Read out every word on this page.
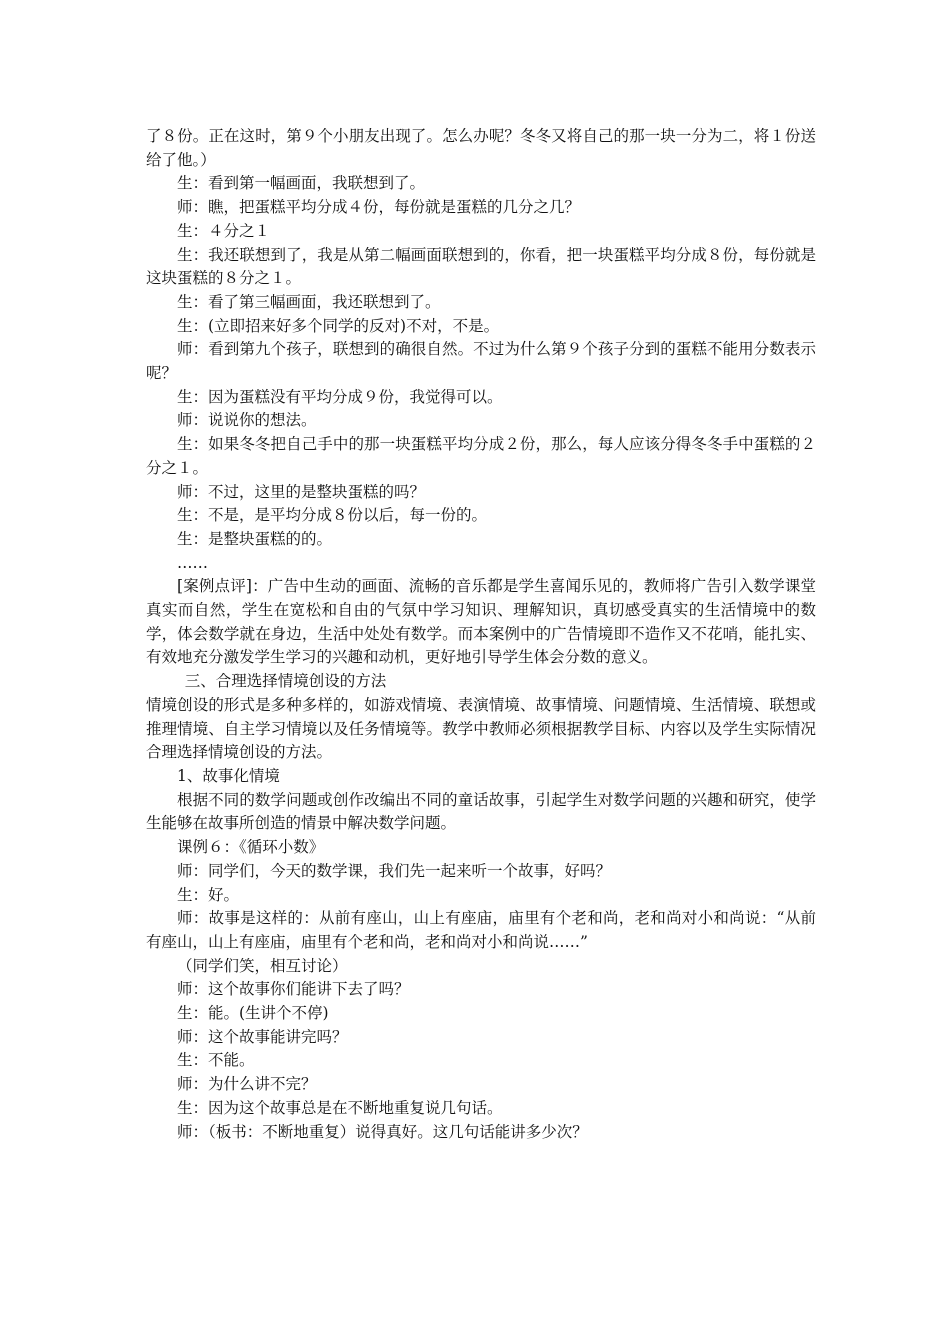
了８份。正在这时，第９个小朋友出现了。怎么办呢？冬冬又将自己的那一块一分为二，将１份送给了他。）

生：看到第一幅画面，我联想到了。

师：瞧，把蛋糕平均分成４份，每份就是蛋糕的几分之几？

生：４分之１

生：我还联想到了，我是从第二幅画面联想到的，你看，把一块蛋糕平均分成８份，每份就是这块蛋糕的８分之１。

生：看了第三幅画面，我还联想到了。

生：(立即招来好多个同学的反对)不对，不是。

师：看到第九个孩子，联想到的确很自然。不过为什么第９个孩子分到的蛋糕不能用分数表示呢？

生：因为蛋糕没有平均分成９份，我觉得可以。

师：说说你的想法。

生：如果冬冬把自己手中的那一块蛋糕平均分成２份，那么，每人应该分得冬冬手中蛋糕的２分之１。

师：不过，这里的是整块蛋糕的吗？

生：不是，是平均分成８份以后，每一份的。

生：是整块蛋糕的的。

……

[案例点评]：广告中生动的画面、流畅的音乐都是学生喜闻乐见的，教师将广告引入数学课堂真实而自然，学生在宽松和自由的气氛中学习知识、理解知识，真切感受真实的生活情境中的数学，体会数学就在身边，生活中处处有数学。而本案例中的广告情境即不造作又不花哨，能扎实、有效地充分激发学生学习的兴趣和动机，更好地引导学生体会分数的意义。

三、合理选择情境创设的方法

情境创设的形式是多种多样的，如游戏情境、表演情境、故事情境、问题情境、生活情境、联想或推理情境、自主学习情境以及任务情境等。教学中教师必须根据教学目标、内容以及学生实际情况合理选择情境创设的方法。

1、故事化情境

根据不同的数学问题或创作改编出不同的童话故事，引起学生对数学问题的兴趣和研究，使学生能够在故事所创造的情景中解决数学问题。

课例６：《循环小数》

师：同学们，今天的数学课，我们先一起来听一个故事，好吗？

生：好。

师：故事是这样的：从前有座山，山上有座庙，庙里有个老和尚，老和尚对小和尚说：“从前有座山，山上有座庙，庙里有个老和尚，老和尚对小和尚说……”

（同学们笑，相互讨论）

师：这个故事你们能讲下去了吗？

生：能。(生讲个不停)

师：这个故事能讲完吗？

生：不能。

师：为什么讲不完？

生：因为这个故事总是在不断地重复说几句话。

师：（板书：不断地重复）说得真好。这几句话能讲多少次？
